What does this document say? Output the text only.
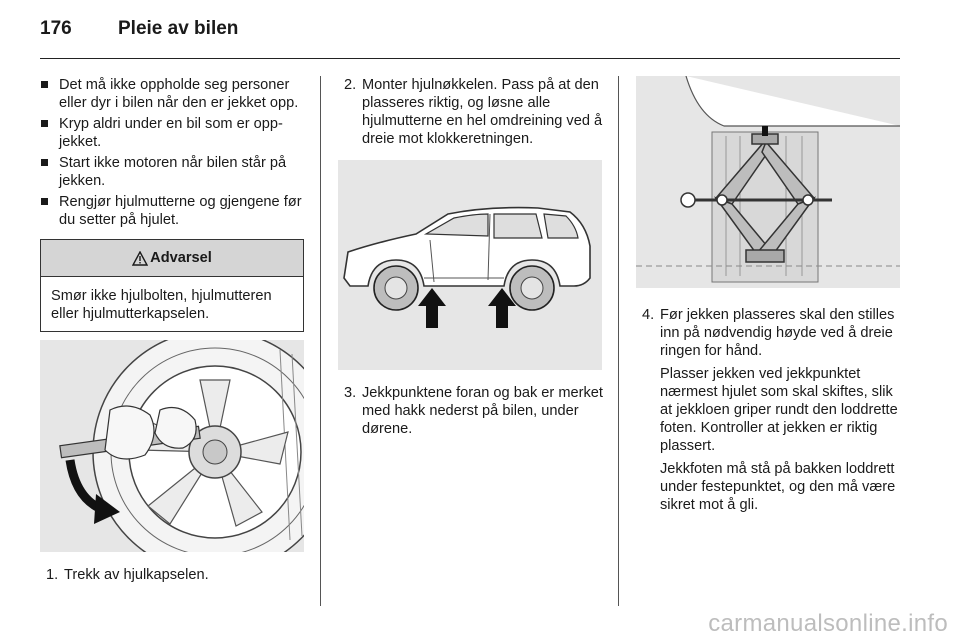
176	Pleie av bilen
Det må ikke oppholde seg personer eller dyr i bilen når den er jekket opp.
Kryp aldri under en bil som er oppjekket.
Start ikke motoren når bilen står på jekken.
Rengjør hjulmutterne og gjengene før du setter på hjulet.
Advarsel
Smør ikke hjulbolten, hjulmutteren eller hjulmutterkapselen.
1. Trekk av hjulkapselen.

2. Monter hjulnøkkelen. Pass på at den plasseres riktig, og løsne alle hjulmutterne en hel omdreining ved å dreie mot klokkeretningen.

3. Jekkpunktene foran og bak er merket med hakk nederst på bilen, under dørene.

4. Før jekken plasseres skal den stilles inn på nødvendig høyde ved å dreie ringen for hånd.

Plasser jekken ved jekkpunktet nærmest hjulet som skal skiftes, slik at jekkloen griper rundt den loddrette foten. Kontroller at jekken er riktig plassert.

Jekkfoten må stå på bakken loddrett under festepunktet, og den må være sikret mot å gli.

carmanualsonline.info
